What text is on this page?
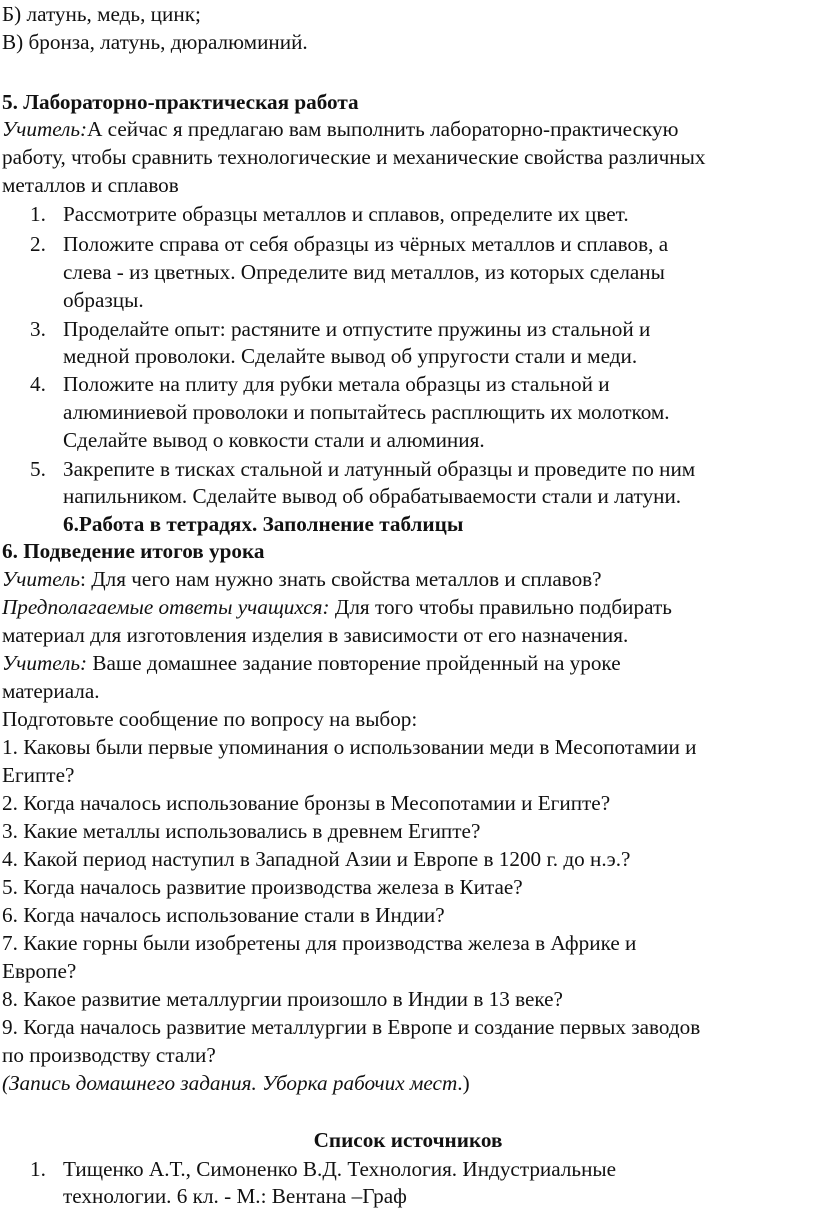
Б) латунь, медь, цинк;
В) бронза, латунь, дюралюминий.
5. Лабораторно-практическая работа
Учитель:А сейчас я предлагаю вам выполнить лабораторно-практическую
работу, чтобы сравнить технологические и механические свойства различных
металлов и сплавов
1. Рассмотрите образцы металлов и сплавов, определите их цвет.
2. Положите справа от себя образцы из чёрных металлов и сплавов, а
слева - из цветных. Определите вид металлов, из которых сделаны
образцы.
3. Проделайте опыт: растяните и отпустите пружины из стальной и
медной проволоки. Сделайте вывод об упругости стали и меди.
4. Положите на плиту для рубки метала образцы из стальной и
алюминиевой проволоки и попытайтесь расплющить их молотком.
Сделайте вывод о ковкости стали и алюминия.
5. Закрепите в тисках стальной и латунный образцы и проведите по ним
напильником. Сделайте вывод об обрабатываемости стали и латуни.
6.Работа в тетрадях. Заполнение таблицы
6. Подведение итогов урока
Учитель: Для чего нам нужно знать свойства металлов и сплавов?
Предполагаемые ответы учащихся: Для того чтобы правильно подбирать
материал для изготовления изделия в зависимости от его назначения.
Учитель: Ваше домашнее задание повторение пройденный на уроке
материала.
Подготовьте сообщение по вопросу на выбор:
1. Каковы были первые упоминания о использовании меди в Месопотамии и
Египте?
2. Когда началось использование бронзы в Месопотамии и Египте?
3. Какие металлы использовались в древнем Египте?
4. Какой период наступил в Западной Азии и Европе в 1200 г. до н.э.?
5. Когда началось развитие производства железа в Китае?
6. Когда началось использование стали в Индии?
7. Какие горны были изобретены для производства железа в Африке и
Европе?
8. Какое развитие металлургии произошло в Индии в 13 веке?
9. Когда началось развитие металлургии в Европе и создание первых заводов
по производству стали?
(Запись домашнего задания. Уборка рабочих мест.)
Список источников
1. Тищенко А.Т., Симоненко В.Д. Технология. Индустриальные
технологии. 6 кл. - М.: Вентана –Граф
